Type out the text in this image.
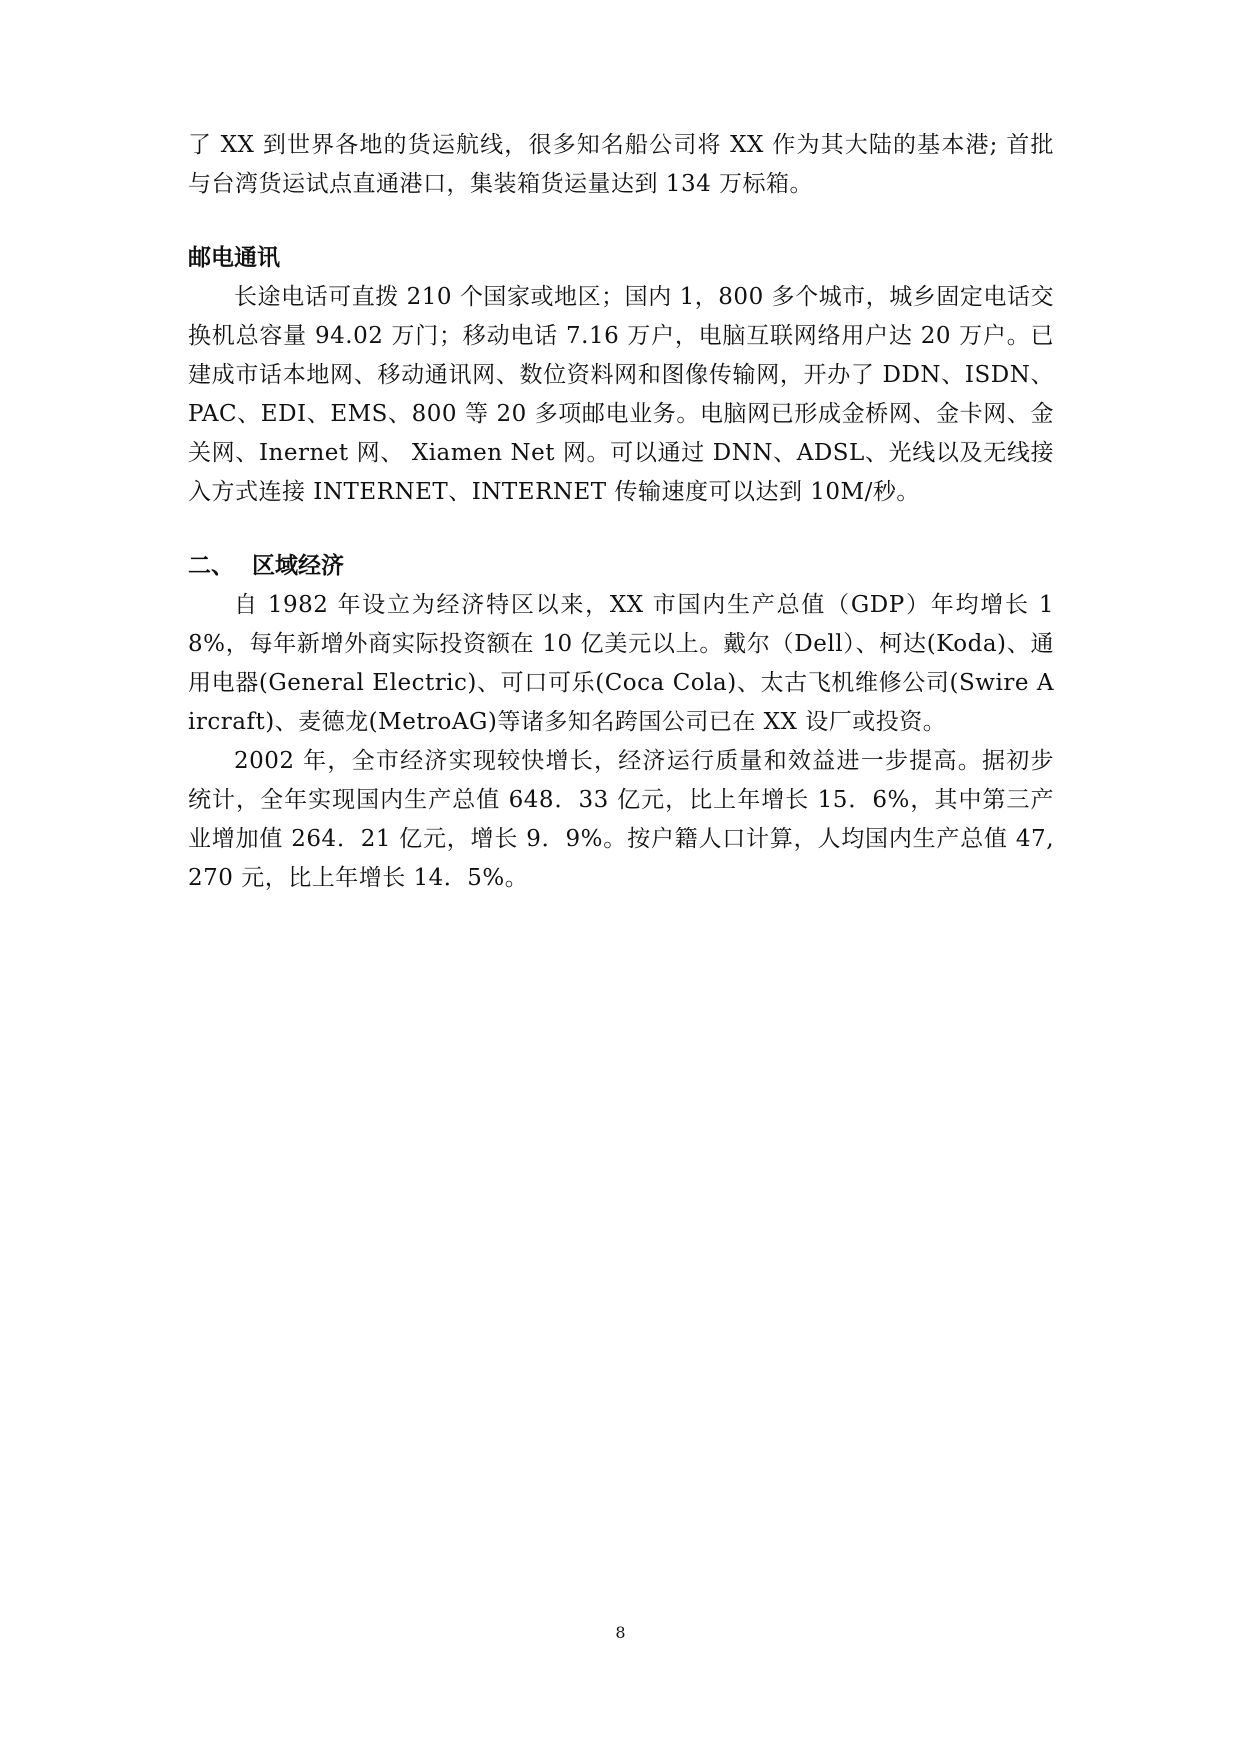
了 XX 到世界各地的货运航线，很多知名船公司将 XX 作为其大陆的基本港; 首批与台湾货运试点直通港口，集装箱货运量达到 134 万标箱。

邮电通讯

长途电话可直拨 210 个国家或地区；国内 1，800 多个城市，城乡固定电话交换机总容量 94.02 万门；移动电话 7.16 万户，电脑互联网络用户达 20 万户。已建成市话本地网、移动通讯网、数位资料网和图像传输网，开办了 DDN、ISDN、PAC、EDI、EMS、800 等 20 多项邮电业务。电脑网已形成金桥网、金卡网、金关网、Inernet 网、 Xiamen Net 网。可以通过 DNN、ADSL、光线以及无线接入方式连接 INTERNET、INTERNET 传输速度可以达到 10M/秒。

二、 区域经济

自 1982 年设立为经济特区以来，XX 市国内生产总值（GDP）年均增长 18%，每年新增外商实际投资额在 10 亿美元以上。戴尔（Dell）、柯达(Koda)、通用电器(General Electric)、可口可乐(Coca Cola)、太古飞机维修公司(Swire Aircraft)、麦德龙(MetroAG)等诸多知名跨国公司已在 XX 设厂或投资。

2002 年，全市经济实现较快增长，经济运行质量和效益进一步提高。据初步统计，全年实现国内生产总值 648．33 亿元，比上年增长 15．6%，其中第三产业增加值 264．21 亿元，增长 9．9%。按户籍人口计算，人均国内生产总值 47,270 元，比上年增长 14．5%。

8
